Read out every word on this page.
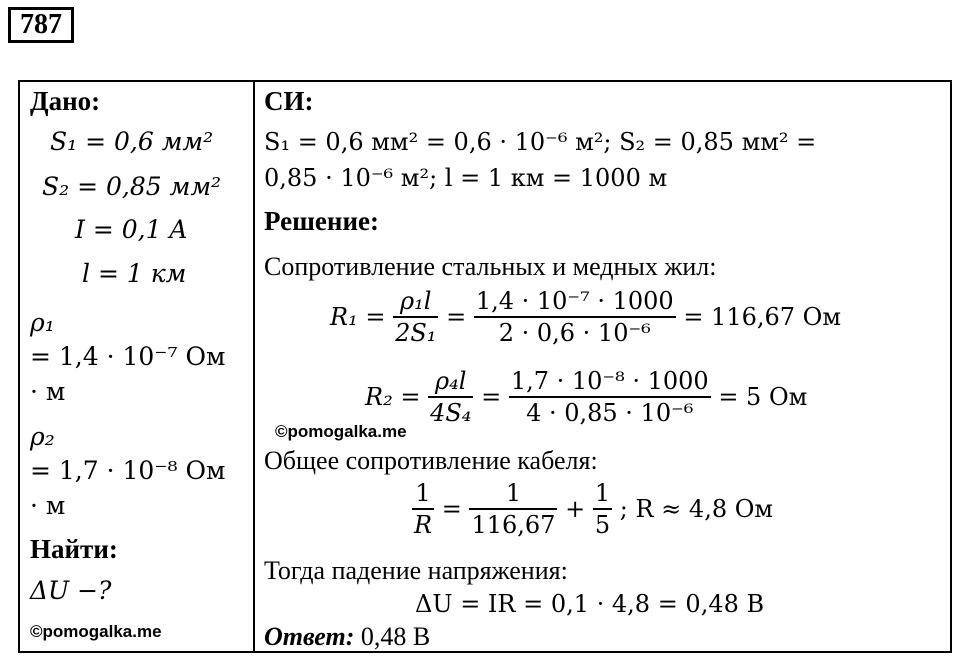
787
Дано:
S₁ = 0,6 мм²
S₂ = 0,85 мм²
I = 0,1 A
l = 1 км
ρ₁
= 1,4 · 10⁻⁷ Ом
· м
ρ₂
= 1,7 · 10⁻⁸ Ом
· м
Найти:
ΔU −?
©pomogalka.me
СИ:
S₁ = 0,6 мм² = 0,6 · 10⁻⁶ м²; S₂ = 0,85 мм² =
0,85 · 10⁻⁶ м²; l = 1 км = 1000 м
Решение:
Сопротивление стальных и медных жил:
$R_1 = \frac{\text{ρ₁l}}{\text{2S₁}} = \frac{\text{1,4 · 10⁻⁷ · 1000}}{\text{2 · 0,6 · 10⁻⁶}} = 116,67$ Ом
$R_2 = \frac{\text{ρ₄l}}{\text{4S₄}} = \frac{\text{1,7 · 10⁻⁸ · 1000}}{\text{4 · 0,85 · 10⁻⁶}} = 5$ Ом
©pomogalka.me
Общее сопротивление кабеля:
$\frac{1}{R} = \frac{1}{116,67} + \frac{1}{5}$ ; R ≈ 4,8 Ом
Тогда падение напряжения:
ΔU = IR = 0,1 · 4,8 = 0,48 В
Ответ: 0,48 В
